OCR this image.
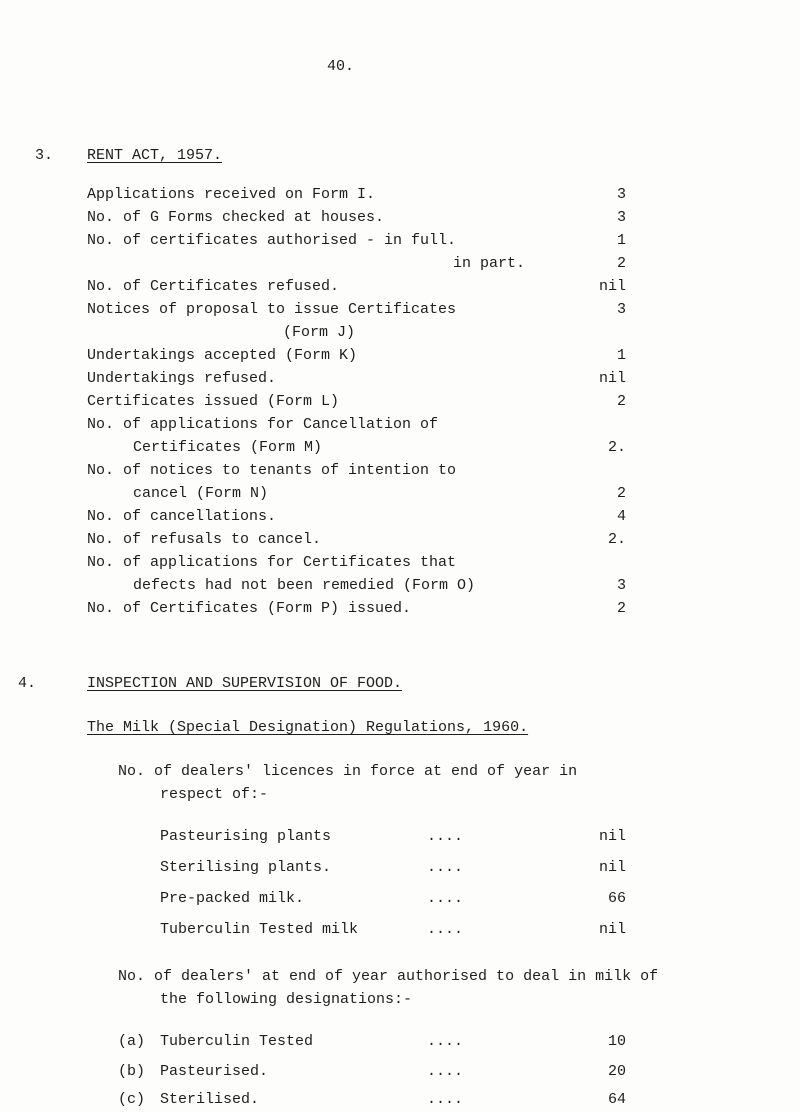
40.
3. RENT ACT, 1957.
Applications received on Form I.	3
No. of G Forms checked at houses.	3
No. of certificates authorised - in full.	1
in part.	2
No. of Certificates refused.	nil
Notices of proposal to issue Certificates	3
(Form J)
Undertakings accepted (Form K)	1
Undertakings refused.	nil
Certificates issued (Form L)	2
No. of applications for Cancellation of
Certificates (Form M)	2.
No. of notices to tenants of intention to
cancel (Form N)	2
No. of cancellations.	4
No. of refusals to cancel.	2.
No. of applications for Certificates that
defects had not been remedied (Form O)	3
No. of Certificates (Form P) issued.	2
4.	INSPECTION AND SUPERVISION OF FOOD.
The Milk (Special Designation) Regulations, 1960.
No. of dealers' licences in force at end of year in
respect of:-
Pasteurising plants	....	nil
Sterilising plants.	....	nil
Pre-packed milk.	....	66
Tuberculin Tested milk	....	nil
No. of dealers' at end of year authorised to deal in milk of
the following designations:-
(a) Tuberculin Tested	....	10
(b) Pasteurised.	....	20
(c) Sterilised.	....	64
